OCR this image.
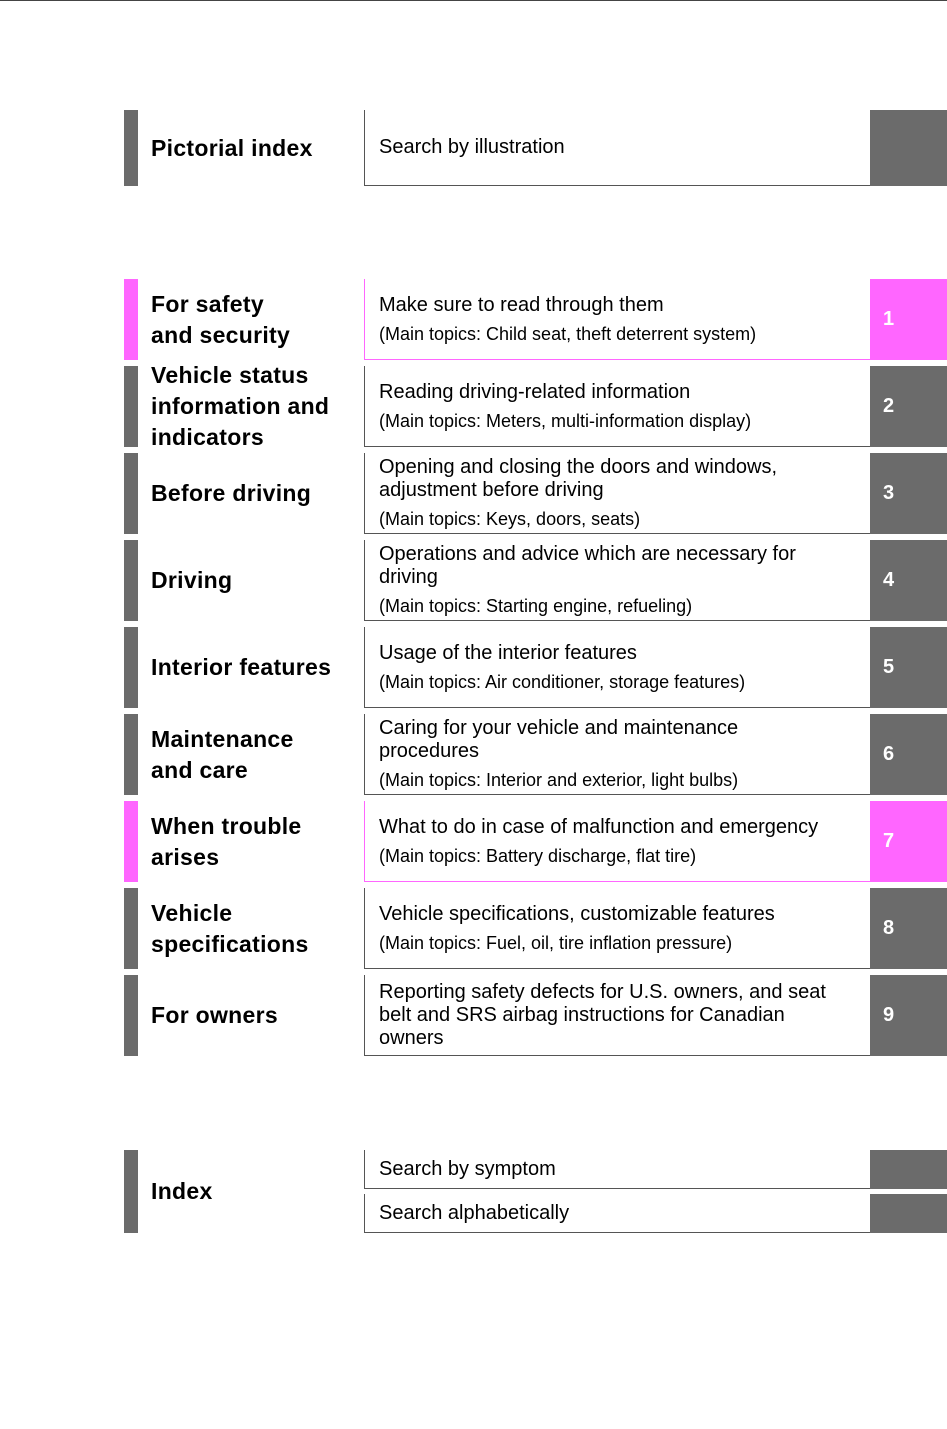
Pictorial index	Search by illustration
For safety
and security
Make sure to read through them
(Main topics: Child seat, theft deterrent system)
1
Vehicle status
information and
indicators
Reading driving-related information
(Main topics: Meters, multi-information display)
2
Before driving
Opening and closing the doors and windows,
adjustment before driving
(Main topics: Keys, doors, seats)
3
Driving
Operations and advice which are necessary for
driving
(Main topics: Starting engine, refueling)
4
Interior features
Usage of the interior features
(Main topics: Air conditioner, storage features)
5
Maintenance
and care
Caring for your vehicle and maintenance
procedures
(Main topics: Interior and exterior, light bulbs)
6
When trouble
arises
What to do in case of malfunction and emergency
(Main topics: Battery discharge, flat tire)
7
Vehicle
specifications
Vehicle specifications, customizable features
(Main topics: Fuel, oil, tire inflation pressure)
8
For owners
Reporting safety defects for U.S. owners, and seat
belt and SRS airbag instructions for Canadian
owners
9
Index
Search by symptom
Search alphabetically
